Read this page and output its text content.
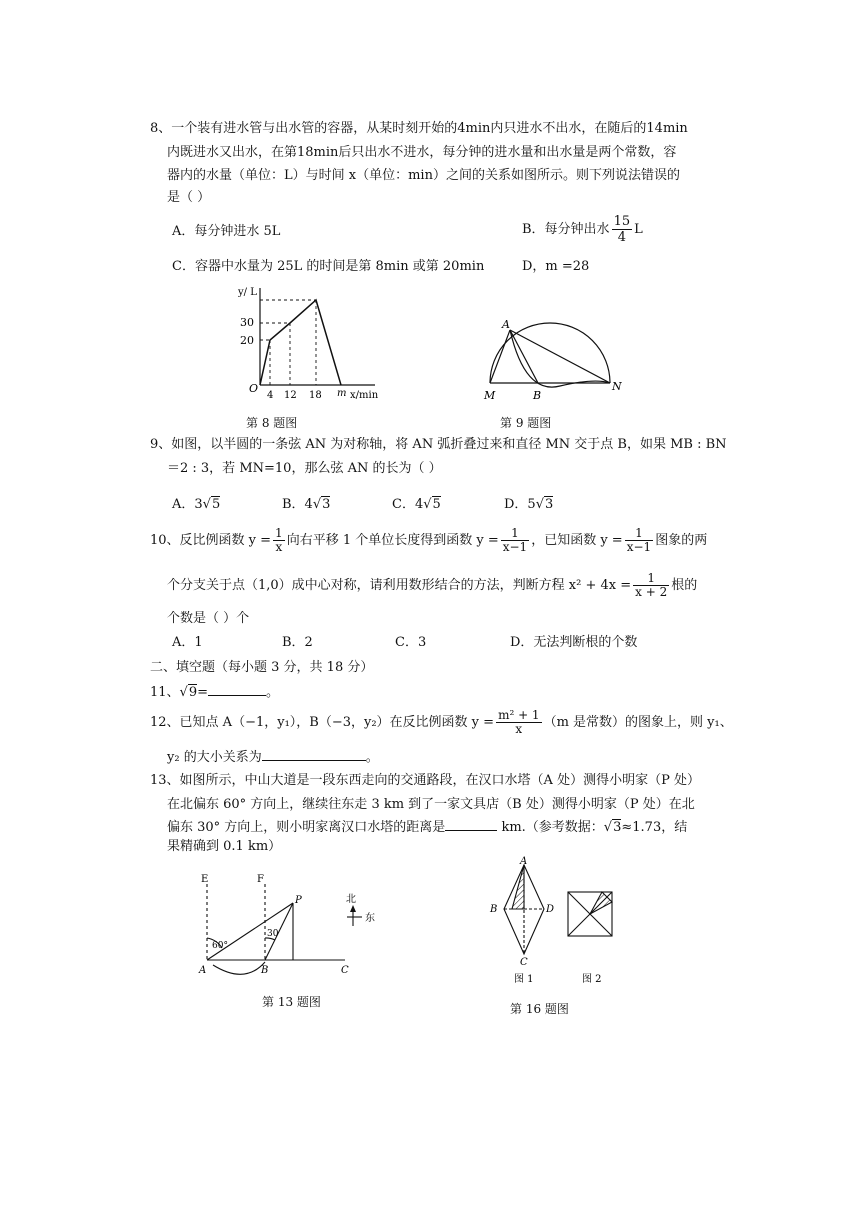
8、一个装有进水管与出水管的容器，从某时刻开始的4min内只进水不出水，在随后的14min
内既进水又出水，在第18min后只出水不进水，每分钟的进水量和出水量是两个常数，容
器内的水量（单位：L）与时间 x（单位：min）之间的关系如图所示。则下列说法错误的
是（ ）
A．每分钟进水 5L	B．每分钟出水 $\frac{15}{4}$ L
C．容器中水量为 25L 的时间是第 8min 或第 20min	D，m =28
y/ L
30
20
O
4 12 18 m x/min
第 8 题图
A
M	B
N
第 9 题图
9、如图，以半圆的一条弦 AN 为对称轴，将 AN 弧折叠过来和直径 MN 交于点 B，如果 MB : BN
＝2 : 3，若 MN=10，那么弦 AN 的长为（ ）
A．3√5	B．4√3	C．4√5	D．5√3
10、反比例函数 $y = \frac{1}{x}$ 向右平移 1 个单位长度得到函数 $y = \frac{1}{x-1}$ ，已知函数 $y = \frac{1}{x-1}$ 图象的两
个分支关于点（1,0）成中心对称，请利用数形结合的方法，判断方程 $x^2 + 4x = \frac{1}{x + 2}$ 根的
个数是（ ）个
A．1	B．2	C．3	D．无法判断根的个数
二、填空题（每小题 3 分，共 18 分）
11、√9=	。
12、已知点 A（−1，y₁），B（−3，y₂）在反比例函数 $y = \frac{\text{m² + 1}}{x} (m$ 是常数）的图象上，则 y₁、
y₂ 的大小关系为	。
13、如图所示，中山大道是一段东西走向的交通路段，在汉口水塔（A 处）测得小明家（P 处）
在北偏东 60° 方向上，继续往东走 3 km 到了一家文具店（B 处）测得小明家（P 处）在北
偏东 30° 方向上，则小明家离汉口水塔的距离是	km.（参考数据：√3≈1.73，结
果精确到 0.1 km）
E	F
P
60°
30
A	B	C
北
东
第 13 题图
A
B	D
C
图 1	图 2
第 16 题图
